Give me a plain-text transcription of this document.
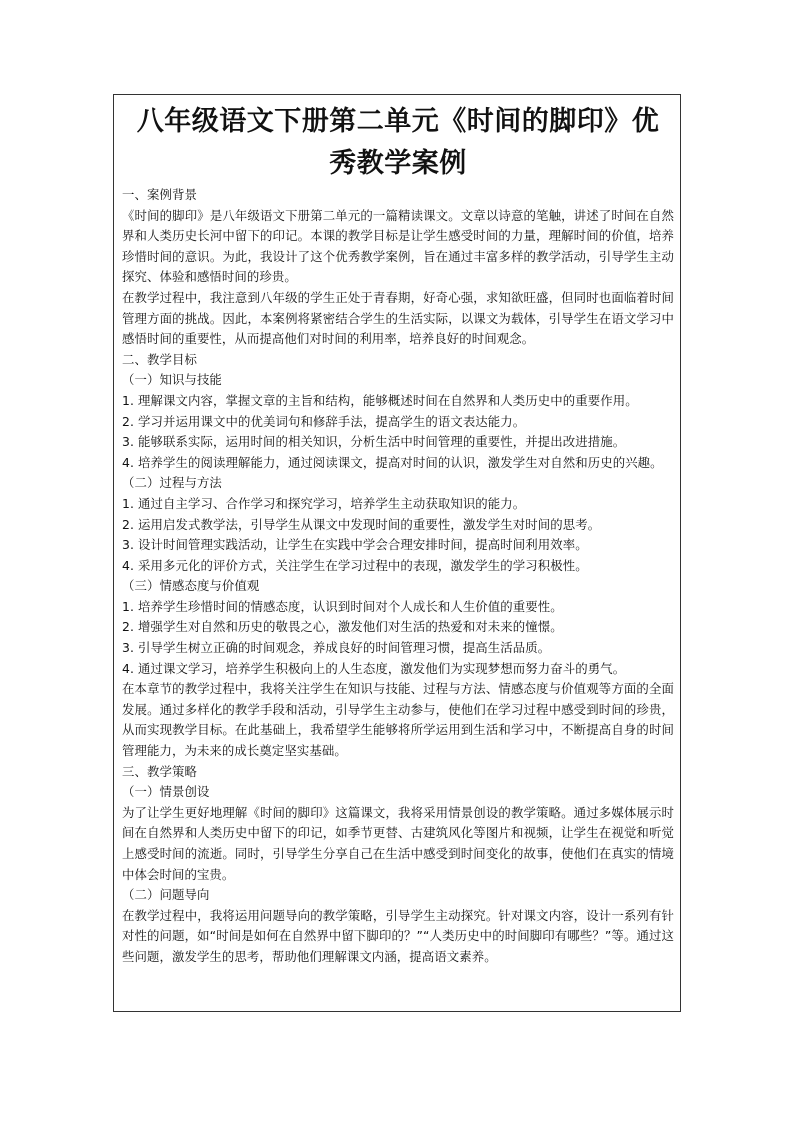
八年级语文下册第二单元《时间的脚印》优
秀教学案例

一、案例背景

《时间的脚印》是八年级语文下册第二单元的一篇精读课文。文章以诗意的笔触，讲述了时间在自然界和人类历史长河中留下的印记。本课的教学目标是让学生感受时间的力量，理解时间的价值，培养珍惜时间的意识。为此，我设计了这个优秀教学案例，旨在通过丰富多样的教学活动，引导学生主动探究、体验和感悟时间的珍贵。

在教学过程中，我注意到八年级的学生正处于青春期，好奇心强，求知欲旺盛，但同时也面临着时间管理方面的挑战。因此，本案例将紧密结合学生的生活实际，以课文为载体，引导学生在语文学习中感悟时间的重要性，从而提高他们对时间的利用率，培养良好的时间观念。

二、教学目标

（一）知识与技能

1. 理解课文内容，掌握文章的主旨和结构，能够概述时间在自然界和人类历史中的重要作用。

2. 学习并运用课文中的优美词句和修辞手法，提高学生的语文表达能力。

3. 能够联系实际，运用时间的相关知识，分析生活中时间管理的重要性，并提出改进措施。

4. 培养学生的阅读理解能力，通过阅读课文，提高对时间的认识，激发学生对自然和历史的兴趣。

（二）过程与方法

1. 通过自主学习、合作学习和探究学习，培养学生主动获取知识的能力。

2. 运用启发式教学法，引导学生从课文中发现时间的重要性，激发学生对时间的思考。

3. 设计时间管理实践活动，让学生在实践中学会合理安排时间，提高时间利用效率。

4. 采用多元化的评价方式，关注学生在学习过程中的表现，激发学生的学习积极性。

（三）情感态度与价值观

1. 培养学生珍惜时间的情感态度，认识到时间对个人成长和人生价值的重要性。

2. 增强学生对自然和历史的敬畏之心，激发他们对生活的热爱和对未来的憧憬。

3. 引导学生树立正确的时间观念，养成良好的时间管理习惯，提高生活品质。

4. 通过课文学习，培养学生积极向上的人生态度，激发他们为实现梦想而努力奋斗的勇气。

在本章节的教学过程中，我将关注学生在知识与技能、过程与方法、情感态度与价值观等方面的全面发展。通过多样化的教学手段和活动，引导学生主动参与，使他们在学习过程中感受到时间的珍贵，从而实现教学目标。在此基础上，我希望学生能够将所学运用到生活和学习中，不断提高自身的时间管理能力，为未来的成长奠定坚实基础。

三、教学策略

（一）情景创设

为了让学生更好地理解《时间的脚印》这篇课文，我将采用情景创设的教学策略。通过多媒体展示时间在自然界和人类历史中留下的印记，如季节更替、古建筑风化等图片和视频，让学生在视觉和听觉上感受时间的流逝。同时，引导学生分享自己在生活中感受到时间变化的故事，使他们在真实的情境中体会时间的宝贵。

（二）问题导向

在教学过程中，我将运用问题导向的教学策略，引导学生主动探究。针对课文内容，设计一系列有针对性的问题，如“时间是如何在自然界中留下脚印的？”“人类历史中的时间脚印有哪些？”等。通过这些问题，激发学生的思考，帮助他们理解课文内涵，提高语文素养。
